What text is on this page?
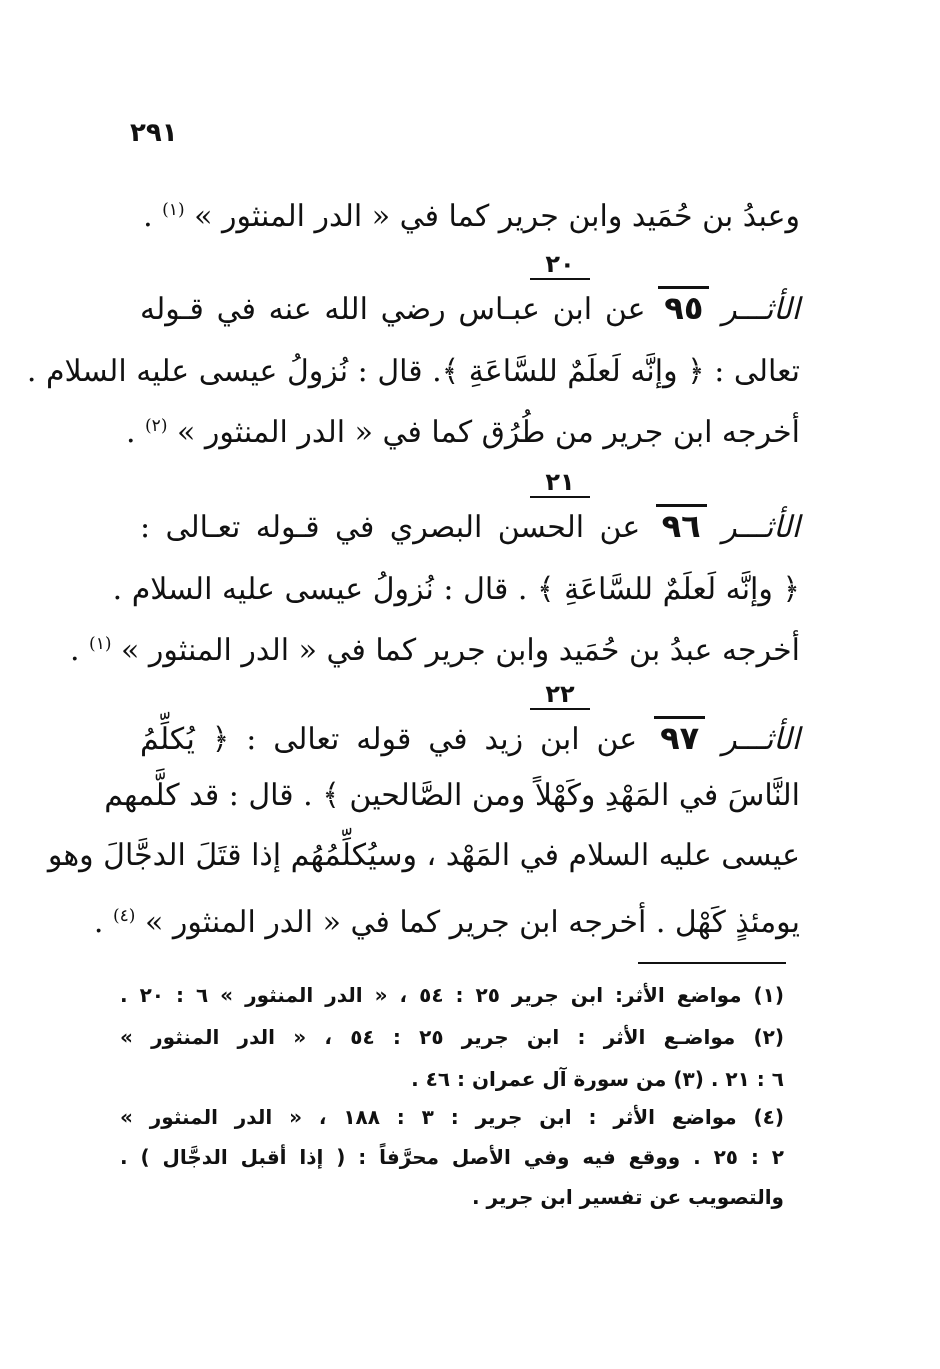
٢٩١
وعبدُ بن حُمَيد وابن جرير كما في « الدر المنثور » $^{(١)}$ .
٢٠
الأثـــر ٩٥ عن ابن عبـاس رضي الله عنه في قـوله
تعالى : ﴿ وإنَّه لَعلَمٌ للسَّاعَةِ ﴾. قال : نُزولُ عيسى عليه السلام .
أخرجه ابن جرير من طُرُق كما في « الدر المنثور » $^{(٢)}$ .
٢١
الأثـــر ٩٦ عن الحسن البصري في قـوله تعـالى :
﴿ وإنَّه لَعلَمٌ للسَّاعَةِ ﴾ . قال : نُزولُ عيسى عليه السلام .
أخرجه عبدُ بن حُمَيد وابن جرير كما في « الدر المنثور » $^{(١)}$ .
٢٢
الأثـــر ٩٧ عن ابن زيد في قوله تعالى : ﴿ يُكلِّمُ
النَّاسَ في المَهْدِ وكَهْلاً ومن الصَّالحين ﴾ . قال : قد كلَّمهم
عيسى عليه السلام في المَهْد ، وسيُكلِّمُهُم إذا قتَلَ الدجَّالَ وهو
يومئذٍ كَهْل . أخرجه ابن جرير كما في « الدر المنثور » $^{(٤)}$ .
(١) مواضع الأثر: ابن جرير ٢٥ : ٥٤ ، « الدر المنثور » ٦ : ٢٠ .
(٢) مواضـع الأثر : ابن جرير ٢٥ : ٥٤ ، « الدر المنثور »
٦ : ٢١ . (٣) من سورة آل عمران : ٤٦ .
(٤) مواضع الأثر : ابن جرير : ٣ : ١٨٨ ، « الدر المنثور »
٢ : ٢٥ . ووقع فيه وفي الأصل محرَّفاً : ( إذا أقبل الدجَّال ) .
والتصويب عن تفسير ابن جرير .
